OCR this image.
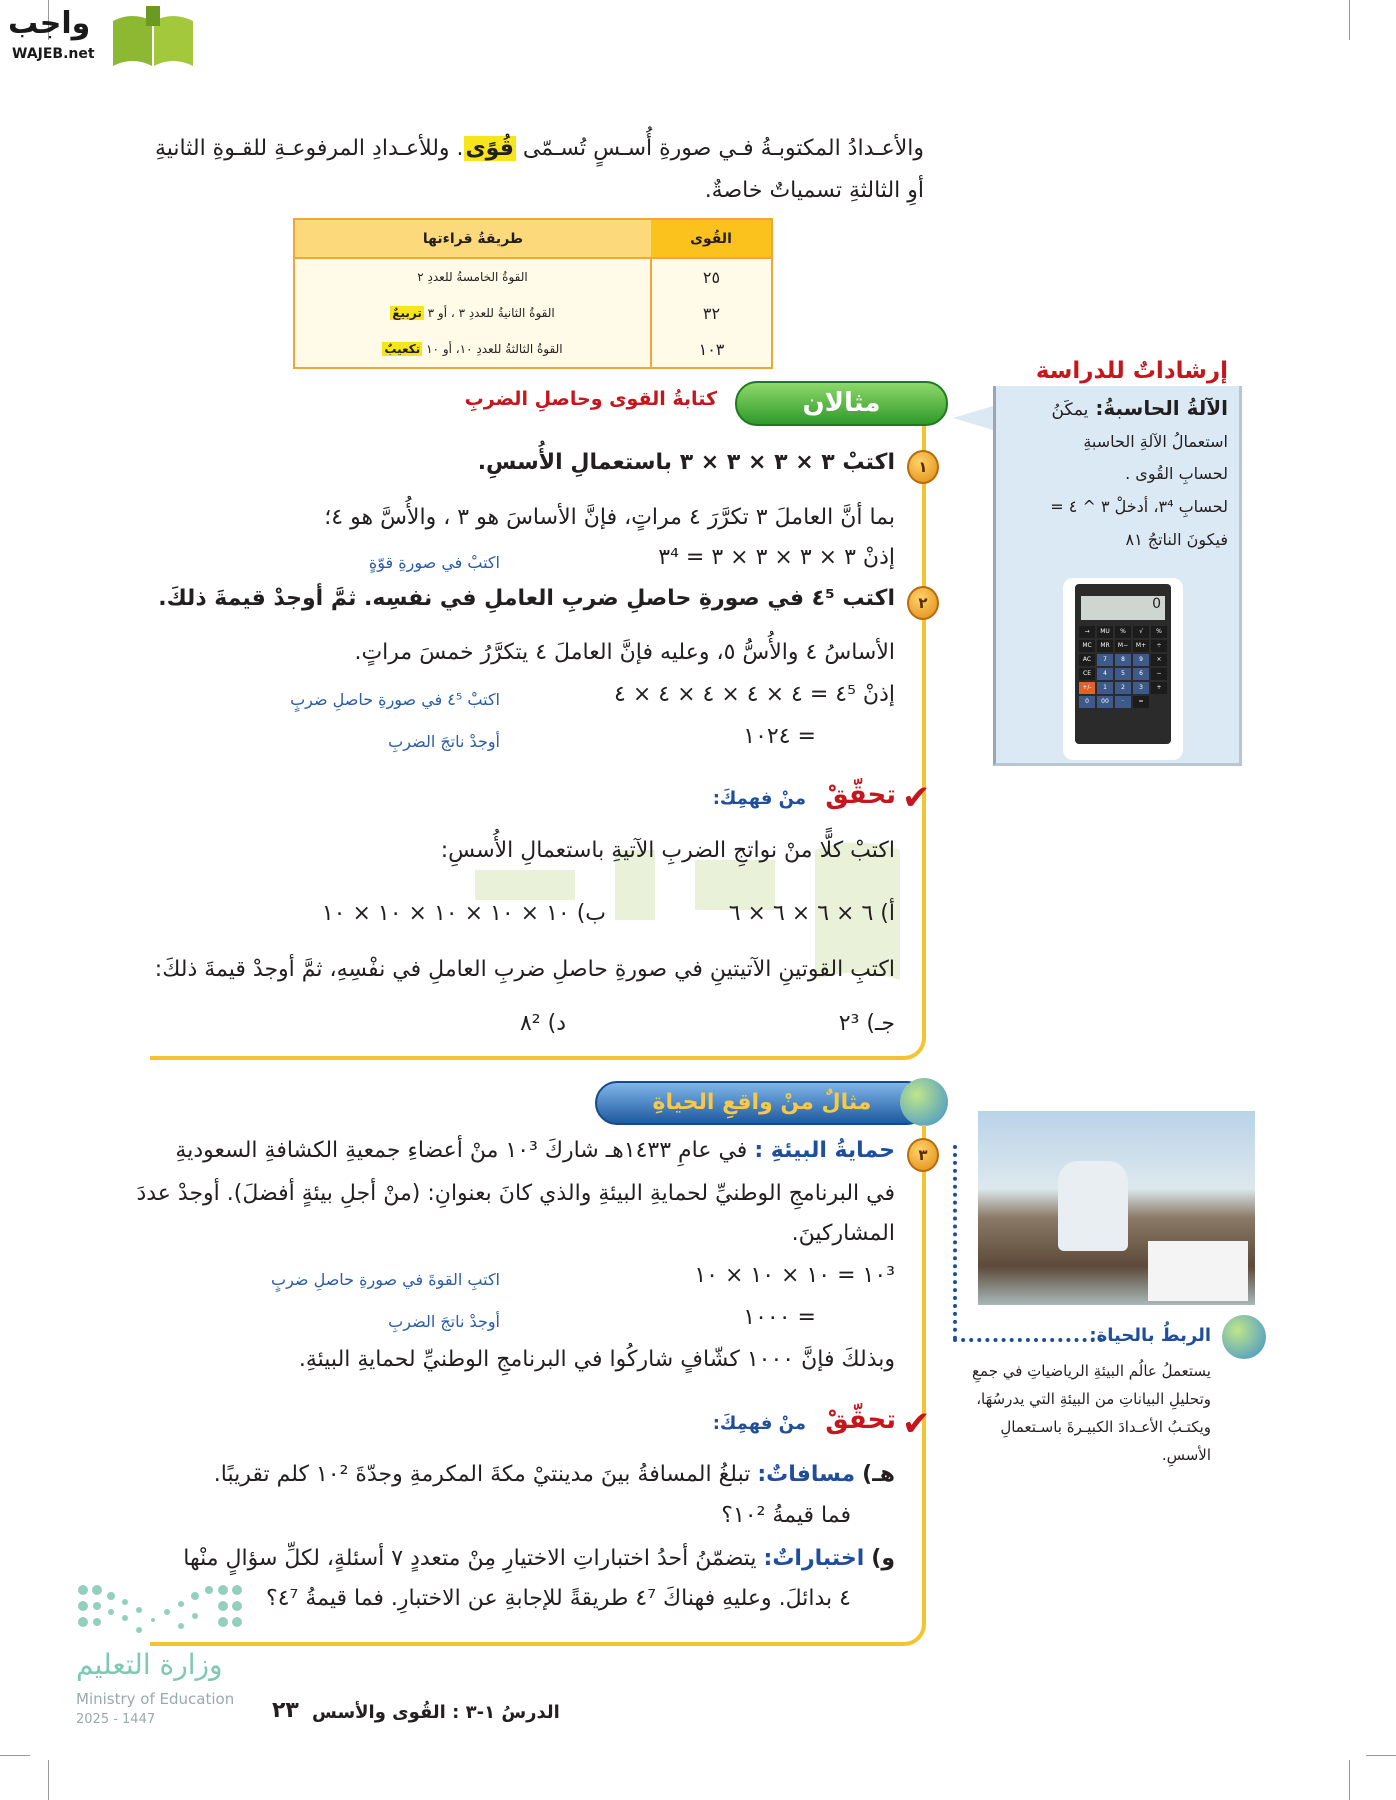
واجب
WAJEB.net
والأعـدادُ المكتوبـةُ فـي صورةِ أُسـسٍ تُسـمّى قُوًى. وللأعـدادِ المرفوعـةِ للقـوةِ الثانيةِ
أوِ الثالثةِ تسمياتٌ خاصةٌ.
القُوى	طريقةُ قراءتها
٢٥	القوةُ الخامسةُ للعددِ ٢
٣٢	القوةُ الثانيةُ للعددِ ٣ ، أو ٣ تربيعٌ
١٠٣	القوةُ الثالثةُ للعددِ ١٠، أو ١٠ تكعيبٌ
مثالان
كتابةُ القوى وحاصلِ الضربِ
١
اكتبْ ٣ × ٣ × ٣ × ٣ باستعمالِ الأُسسِ.
بما أنَّ العاملَ ٣ تكرَّرَ ٤ مراتٍ، فإنَّ الأساسَ هو ٣ ، والأُسَّ هو ٤؛
إذنْ ٣ × ٣ × ٣ × ٣ = ٣⁴
اكتبْ في صورةِ قوّةٍ
٢
اكتب ٤⁵ في صورةِ حاصلِ ضربِ العاملِ في نفسِه. ثمَّ أوجدْ قيمةَ ذلكَ.
الأساسُ ٤ والأُسُّ ٥، وعليه فإنَّ العاملَ ٤ يتكرَّرُ خمسَ مراتٍ.
إذنْ ٤⁵ = ٤ × ٤ × ٤ × ٤ × ٤
اكتبْ ٤⁵ في صورةِ حاصلِ ضربٍ
= ١٠٢٤
أوجدْ ناتجَ الضربِ
✔
تحقّقْ
منْ فهمِكَ:
اكتبْ كلًّا منْ نواتجِ الضربِ الآتيةِ باستعمالِ الأُسسِ:
أ) ٦ × ٦ × ٦ × ٦
ب) ١٠ × ١٠ × ١٠ × ١٠ × ١٠
اكتبِ القوتينِ الآتيتينِ في صورةِ حاصلِ ضربِ العاملِ في نفْسِهِ، ثمَّ أوجدْ قيمةَ ذلكَ:
جـ) ٢³
د) ٨²
إرشاداتٌ للدراسة
الآلةُ الحاسبةُ: يمكَنُ
استعمالُ الآلةِ الحاسبةِ
لحسابِ القُوى .
لحسابِ ٣⁴، أدخلْ ٣ ^ ٤ =
فيكونَ الناتجُ ٨١
0
→	MU	%	√	%
MC	MR	M−	M+	÷
AC	7	8	9	×
CE	4	5	6	−
+/-	1	2	3	+
0	00	·	=
مثالٌ منْ واقعِ الحياةِ
٣
حمايةُ البيئةِ : في عامِ ١٤٣٣هـ شاركَ ١٠³ منْ أعضاءِ جمعيةِ الكشافةِ السعوديةِ
في البرنامجِ الوطنيِّ لحمايةِ البيئةِ والذي كانَ بعنوانِ: (منْ أجلِ بيئةٍ أفضلَ). أوجدْ عددَ
المشاركينَ.
١٠³ = ١٠ × ١٠ × ١٠
اكتبِ القوةَ في صورةِ حاصلِ ضربٍ
= ١٠٠٠
أوجدْ ناتجَ الضربِ
وبذلكَ فإنَّ ١٠٠٠ كشّافٍ شاركُوا في البرنامجِ الوطنيِّ لحمايةِ البيئةِ.
الربطُ بالحياة:
يستعملُ عالُم البيئةِ الرياضياتِ في جمعِ
وتحليلِ البياناتِ من البيئةِ التي يدرسُهَا،
ويكتـبُ الأعـدادَ الكبيـرةَ باسـتعمالِ
الأسسِ.
✔
تحقّقْ
منْ فهمِكَ:
هـ) مسافاتٌ: تبلغُ المسافةُ بينَ مدينتيْ مكةَ المكرمةِ وجدّةَ ١٠² كلم تقريبًا.
فما قيمةُ ١٠²؟
و) اختباراتٌ: يتضمّنُ أحدُ اختباراتِ الاختيارِ مِنْ متعددٍ ٧ أسئلةٍ، لكلِّ سؤالٍ منْها
٤ بدائلَ. وعليهِ فهناكَ ٤⁷ طريقةً للإجابةِ عن الاختبارِ. فما قيمةُ ٤⁷؟
وزارة التعليم
Ministry of Education
2025 - 1447	٢٣ الدرسُ ١-٣ : القُوى والأسس
